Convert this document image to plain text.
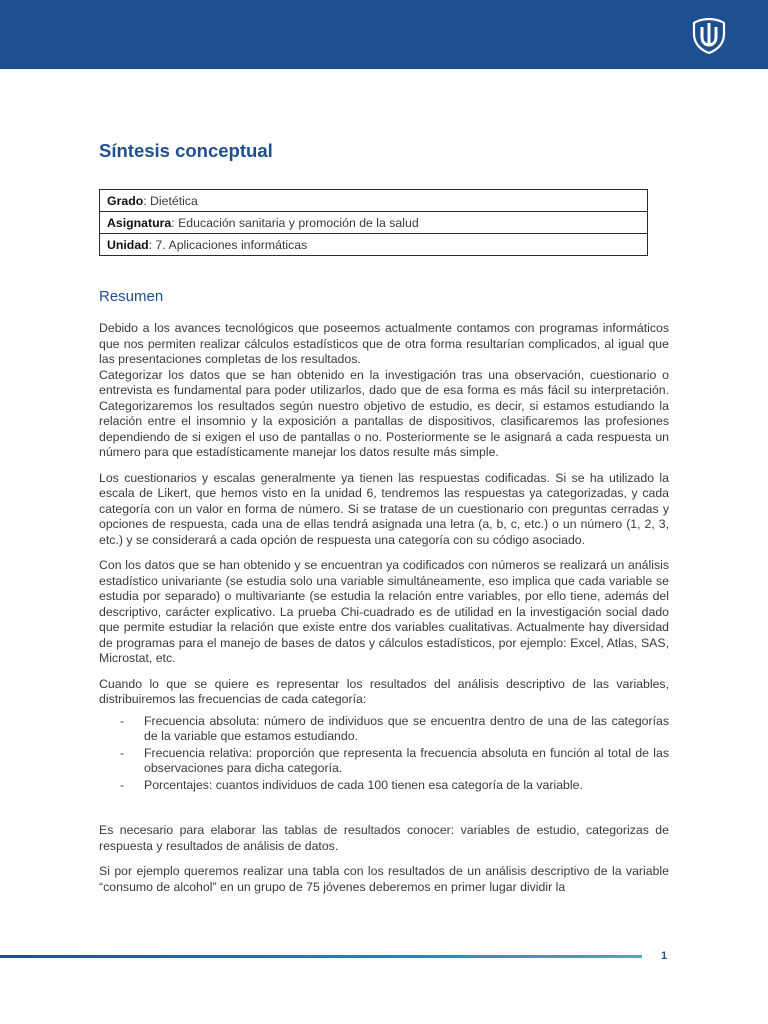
Síntesis conceptual
Grado: Dietética
Asignatura: Educación sanitaria y promoción de la salud
Unidad: 7. Aplicaciones informáticas
Resumen

Debido a los avances tecnológicos que poseemos actualmente contamos con programas informáticos que nos permiten realizar cálculos estadísticos que de otra forma resultarían complicados, al igual que las presentaciones completas de los resultados.

Categorizar los datos que se han obtenido en la investigación tras una observación, cuestionario o entrevista es fundamental para poder utilizarlos, dado que de esa forma es más fácil su interpretación. Categorizaremos los resultados según nuestro objetivo de estudio, es decir, si estamos estudiando la relación entre el insomnio y la exposición a pantallas de dispositivos, clasificaremos las profesiones dependiendo de si exigen el uso de pantallas o no. Posteriormente se le asignará a cada respuesta un número para que estadísticamente manejar los datos resulte más simple.

Los cuestionarios y escalas generalmente ya tienen las respuestas codificadas. Si se ha utilizado la escala de Likert, que hemos visto en la unidad 6, tendremos las respuestas ya categorizadas, y cada categoría con un valor en forma de número. Si se tratase de un cuestionario con preguntas cerradas y opciones de respuesta, cada una de ellas tendrá asignada una letra (a, b, c, etc.) o un número (1, 2, 3, etc.) y se considerará a cada opción de respuesta una categoría con su código asociado.

Con los datos que se han obtenido y se encuentran ya codificados con números se realizará un análisis estadístico univariante (se estudia solo una variable simultáneamente, eso implica que cada variable se estudia por separado) o multivariante (se estudia la relación entre variables, por ello tiene, además del descriptivo, carácter explicativo. La prueba Chi-cuadrado es de utilidad en la investigación social dado que permite estudiar la relación que existe entre dos variables cualitativas. Actualmente hay diversidad de programas para el manejo de bases de datos y cálculos estadísticos, por ejemplo: Excel, Atlas, SAS, Microstat, etc.

Cuando lo que se quiere es representar los resultados del análisis descriptivo de las variables, distribuiremos las frecuencias de cada categoría:

- Frecuencia absoluta: número de individuos que se encuentra dentro de una de las categorías de la variable que estamos estudiando.
- Frecuencia relativa: proporción que representa la frecuencia absoluta en función al total de las observaciones para dicha categoría.
- Porcentajes: cuantos individuos de cada 100 tienen esa categoría de la variable.

Es necesario para elaborar las tablas de resultados conocer: variables de estudio, categorizas de respuesta y resultados de análisis de datos.

Si por ejemplo queremos realizar una tabla con los resultados de un análisis descriptivo de la variable “consumo de alcohol” en un grupo de 75 jóvenes deberemos en primer lugar dividir la

1
